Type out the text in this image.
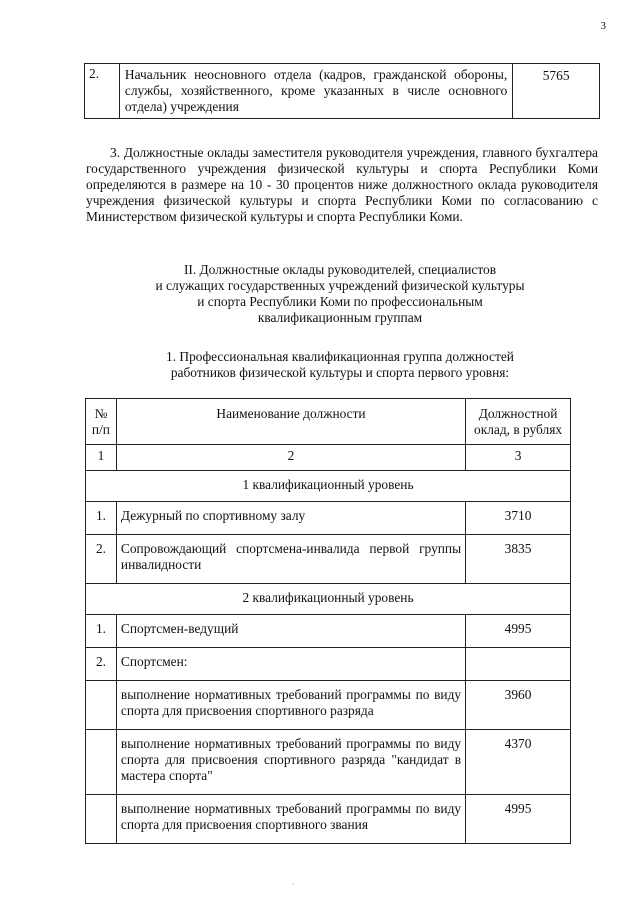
3
2.	Начальник неосновного отдела (кадров, гражданской обороны, службы, хозяйственного, кроме указанных в числе основного отдела) учреждения	5765
3. Должностные оклады заместителя руководителя учреждения, главного бухгалтера государственного учреждения физической культуры и спорта Республики Коми определяются в размере на 10 - 30 процентов ниже должностного оклада руководителя учреждения физической культуры и спорта Республики Коми по согласованию с Министерством физической культуры и спорта Республики Коми.
II. Должностные оклады руководителей, специалистов
и служащих государственных учреждений физической культуры
и спорта Республики Коми по профессиональным
квалификационным группам
1. Профессиональная квалификационная группа должностей
работников физической культуры и спорта первого уровня:
№ п/п	Наименование должности	Должностной оклад, в рублях
1	2	3
1 квалификационный уровень		
1.	Дежурный по спортивному залу	3710
2.	Сопровождающий спортсмена-инвалида первой группы инвалидности	3835
2 квалификационный уровень		
1.	Спортсмен-ведущий	4995
2.	Спортсмен:	
	выполнение нормативных требований программы по виду спорта для присвоения спортивного разряда	3960
	выполнение нормативных требований программы по виду спорта для присвоения спортивного разряда "кандидат в мастера спорта"	4370
	выполнение нормативных требований программы по виду спорта для присвоения спортивного звания	4995
·
